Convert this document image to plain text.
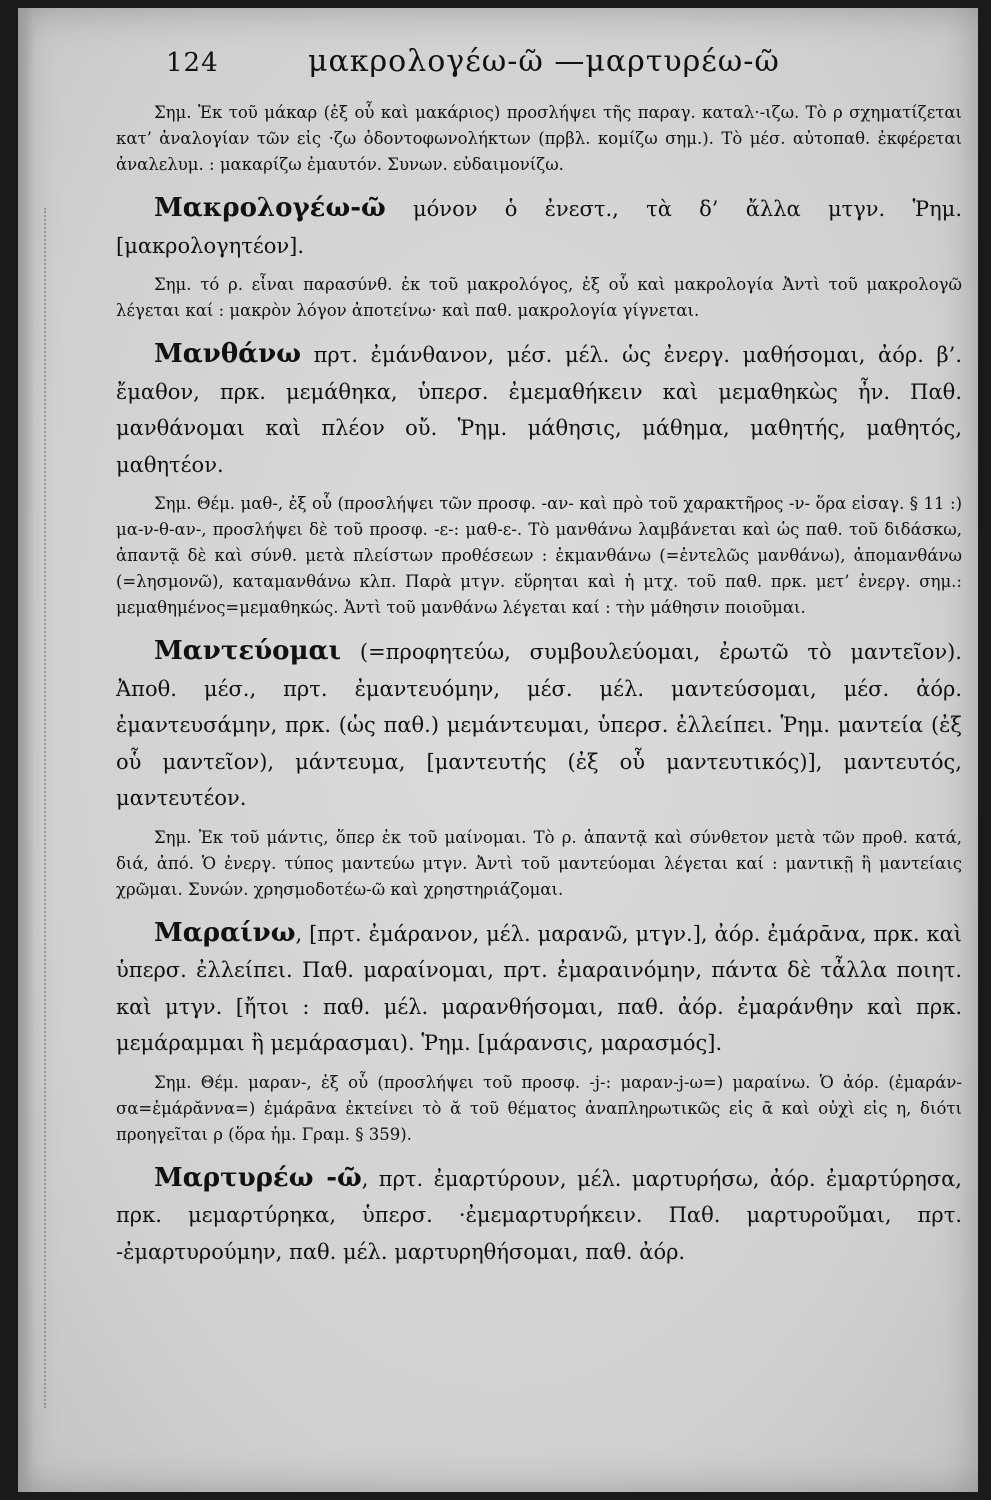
124	μακρολογέω-ῶ —μαρτυρέω-ῶ

Σημ. Ἐκ τοῦ μάκαρ (ἐξ οὗ καὶ μακάριος) προσλήψει τῆς παραγ. καταλ·-ιζω. Τὸ ρ σχηματίζεται κατ’ ἀναλογίαν τῶν εἰς ·ζω ὀδοντοφωνολήκτων (πρβλ. κομίζω σημ.). Τὸ μέσ. αὐτοπαθ. ἐκφέρεται ἀναλελυμ. : μακαρίζω ἐμαυτόν. Συνων. εὐδαιμονίζω.

Μακρολογέω-ῶ μόνον ὁ ἐνεστ., τὰ δ’ ἄλλα μτγν. Ῥημ. [μακρολογητέον].

Σημ. τό ρ. εἶναι παρασύνθ. ἐκ τοῦ μακρολόγος, ἐξ οὗ καὶ μακρολογία Ἀντὶ τοῦ μακρολογῶ λέγεται καί : μακρὸν λόγον ἀποτείνω· καὶ παθ. μακρολογία γίγνεται.

Μανθάνω πρτ. ἐμάνθανον, μέσ. μέλ. ὡς ἐνεργ. μαθήσομαι, ἀόρ. β’. ἔμαθον, πρκ. μεμάθηκα, ὑπερσ. ἐμεμαθήκειν καὶ μεμαθηκὼς ἦν. Παθ. μανθάνομαι καὶ πλέον οὔ. Ῥημ. μάθησις, μάθημα, μαθητής, μαθητός, μαθητέον.

Σημ. Θέμ. μαθ-, ἐξ οὗ (προσλήψει τῶν προσφ. -αν- καὶ πρὸ τοῦ χαρακτῆρος -ν- ὅρα εἰσαγ. § 11 :) μα-ν-θ-αν-, προσλήψει δὲ τοῦ προσφ. -ε-: μαθ-ε-. Τὸ μανθάνω λαμβάνεται καὶ ὡς παθ. τοῦ διδάσκω, ἀπαντᾷ δὲ καὶ σύνθ. μετὰ πλείστων προθέσεων : ἐκμανθάνω (=ἐντελῶς μανθάνω), ἀπομανθάνω (=λησμονῶ), καταμανθάνω κλπ. Παρὰ μτγν. εὕρηται καὶ ἡ μτχ. τοῦ παθ. πρκ. μετ’ ἐνεργ. σημ.: μεμαθημένος=μεμαθηκώς. Ἀντὶ τοῦ μανθάνω λέγεται καί : τὴν μάθησιν ποιοῦμαι.

Μαντεύομαι (=προφητεύω, συμβουλεύομαι, ἐρωτῶ τὸ μαντεῖον). Ἀποθ. μέσ., πρτ. ἐμαντευόμην, μέσ. μέλ. μαντεύσομαι, μέσ. ἀόρ. ἐμαντευσάμην, πρκ. (ὡς παθ.) μεμάντευμαι, ὑπερσ. ἐλλείπει. Ῥημ. μαντεία (ἐξ οὗ μαντεῖον), μάντευμα, [μαντευτής (ἐξ οὗ μαντευτικός)], μαντευτός, μαντευτέον.

Σημ. Ἐκ τοῦ μάντις, ὅπερ ἐκ τοῦ μαίνομαι. Τὸ ρ. ἀπαντᾷ καὶ σύνθετον μετὰ τῶν προθ. κατά, διά, ἀπό. Ὁ ἐνεργ. τύπος μαντεύω μτγν. Ἀντὶ τοῦ μαντεύομαι λέγεται καί : μαντικῇ ἢ μαντείαις χρῶμαι. Συνών. χρησμοδοτέω-ῶ καὶ χρηστηριάζομαι.

Μαραίνω, [πρτ. ἐμάρανον, μέλ. μαρανῶ, μτγν.], ἀόρ. ἐμάρᾱνα, πρκ. καὶ ὑπερσ. ἐλλείπει. Παθ. μαραίνομαι, πρτ. ἐμαραινόμην, πάντα δὲ τἆλλα ποιητ. καὶ μτγν. [ἤτοι : παθ. μέλ. μαρανθήσομαι, παθ. ἀόρ. ἐμαράνθην καὶ πρκ. μεμάραμμαι ἢ μεμάρασμαι). Ῥημ. [μάρανσις, μαρασμός].

Σημ. Θέμ. μαραν-, ἐξ οὗ (προσλήψει τοῦ προσφ. -j-: μαραν-j-ω=) μαραίνω. Ὁ ἀόρ. (ἐμαράν-σα=ἐμάρᾰννα=) ἐμάρᾱνα ἐκτείνει τὸ ᾰ τοῦ θέματος ἀναπληρωτικῶς εἰς ᾱ καὶ οὐχὶ εἰς η, διότι προηγεῖται ρ (ὅρα ἡμ. Γραμ. § 359).

Μαρτυρέω -ῶ, πρτ. ἐμαρτύρουν, μέλ. μαρτυρήσω, ἀόρ. ἐμαρτύρησα, πρκ. μεμαρτύρηκα, ὑπερσ. ·ἐμεμαρτυρήκειν. Παθ. μαρτυροῦμαι, πρτ. -ἐμαρτυρούμην, παθ. μέλ. μαρτυρηθήσομαι, παθ. ἀόρ.
